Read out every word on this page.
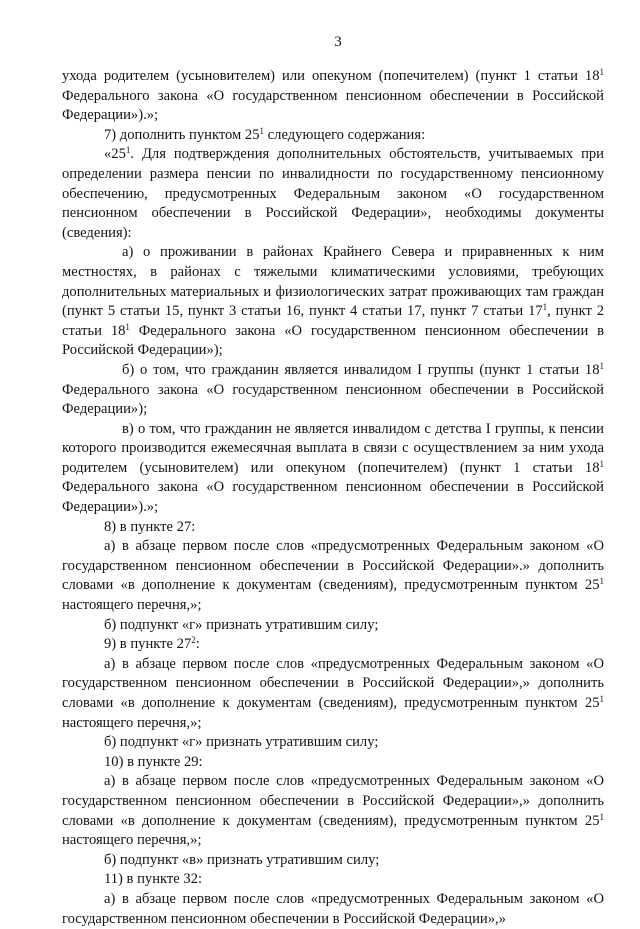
3

ухода родителем (усыновителем) или опекуном (попечителем) (пункт 1 статьи $18^1$ Федерального закона «О государственном пенсионном обеспечении в Российской Федерации»).»;

7) дополнить пунктом $25^1$ следующего содержания:

«$25^1$. Для подтверждения дополнительных обстоятельств, учитываемых при определении размера пенсии по инвалидности по государственному пенсионному обеспечению, предусмотренных Федеральным законом «О государственном пенсионном обеспечении в Российской Федерации», необходимы документы (сведения):

а) о проживании в районах Крайнего Севера и приравненных к ним местностях, в районах с тяжелыми климатическими условиями, требующих дополнительных материальных и физиологических затрат проживающих там граждан (пункт 5 статьи 15, пункт 3 статьи 16, пункт 4 статьи 17, пункт 7 статьи $17^1$, пункт 2 статьи $18^1$ Федерального закона «О государственном пенсионном обеспечении в Российской Федерации»);

б) о том, что гражданин является инвалидом I группы (пункт 1 статьи $18^1$ Федерального закона «О государственном пенсионном обеспечении в Российской Федерации»);

в) о том, что гражданин не является инвалидом с детства I группы, к пенсии которого производится ежемесячная выплата в связи с осуществлением за ним ухода родителем (усыновителем) или опекуном (попечителем) (пункт 1 статьи $18^1$ Федерального закона «О государственном пенсионном обеспечении в Российской Федерации»).»;

8) в пункте 27:

а) в абзаце первом после слов «предусмотренных Федеральным законом «О государственном пенсионном обеспечении в Российской Федерации».» дополнить словами «в дополнение к документам (сведениям), предусмотренным пунктом $25^1$ настоящего перечня,»;

б) подпункт «г» признать утратившим силу;

9) в пункте $27^2$:

а) в абзаце первом после слов «предусмотренных Федеральным законом «О государственном пенсионном обеспечении в Российской Федерации»,» дополнить словами «в дополнение к документам (сведениям), предусмотренным пунктом $25^1$ настоящего перечня,»;

б) подпункт «г» признать утратившим силу;

10) в пункте 29:

а) в абзаце первом после слов «предусмотренных Федеральным законом «О государственном пенсионном обеспечении в Российской Федерации»,» дополнить словами «в дополнение к документам (сведениям), предусмотренным пунктом $25^1$ настоящего перечня,»;

б) подпункт «в» признать утратившим силу;

11) в пункте 32:

а) в абзаце первом после слов «предусмотренных Федеральным законом «О государственном пенсионном обеспечении в Российской Федерации»,»
